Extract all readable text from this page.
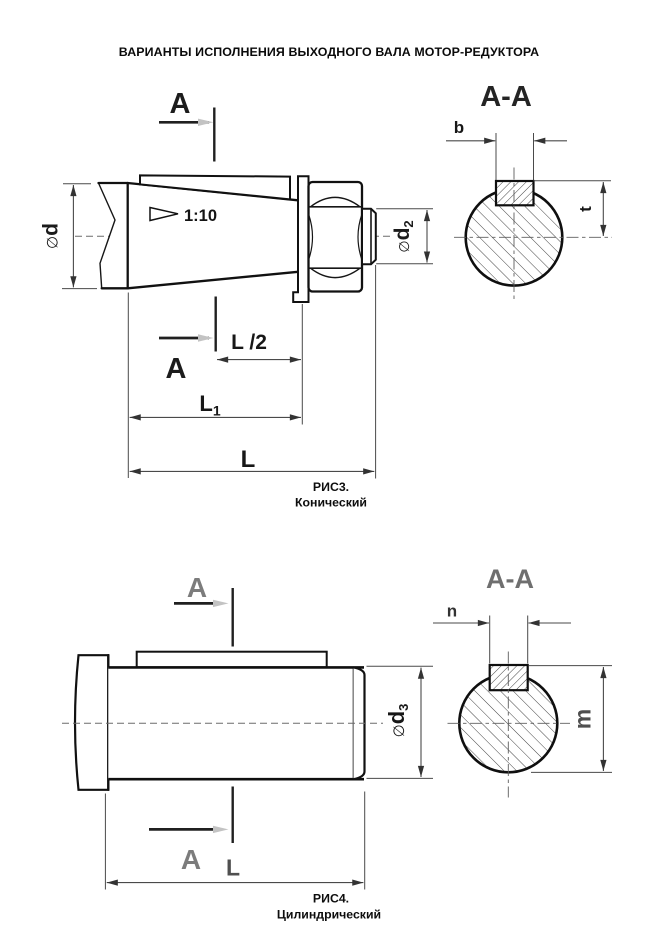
ВАРИАНТЫ ИСПОЛНЕНИЯ ВЫХОДНОГО ВАЛА МОТОР-РЕДУКТОРА
A
1:10
∅d
$\emptyset d_2$
A
L /2
L1
L
РИС3.
Конический
A-A
b
t
A
$\emptyset d_3$
A L
РИС4.
Цилиндрический
A-A
n
m
